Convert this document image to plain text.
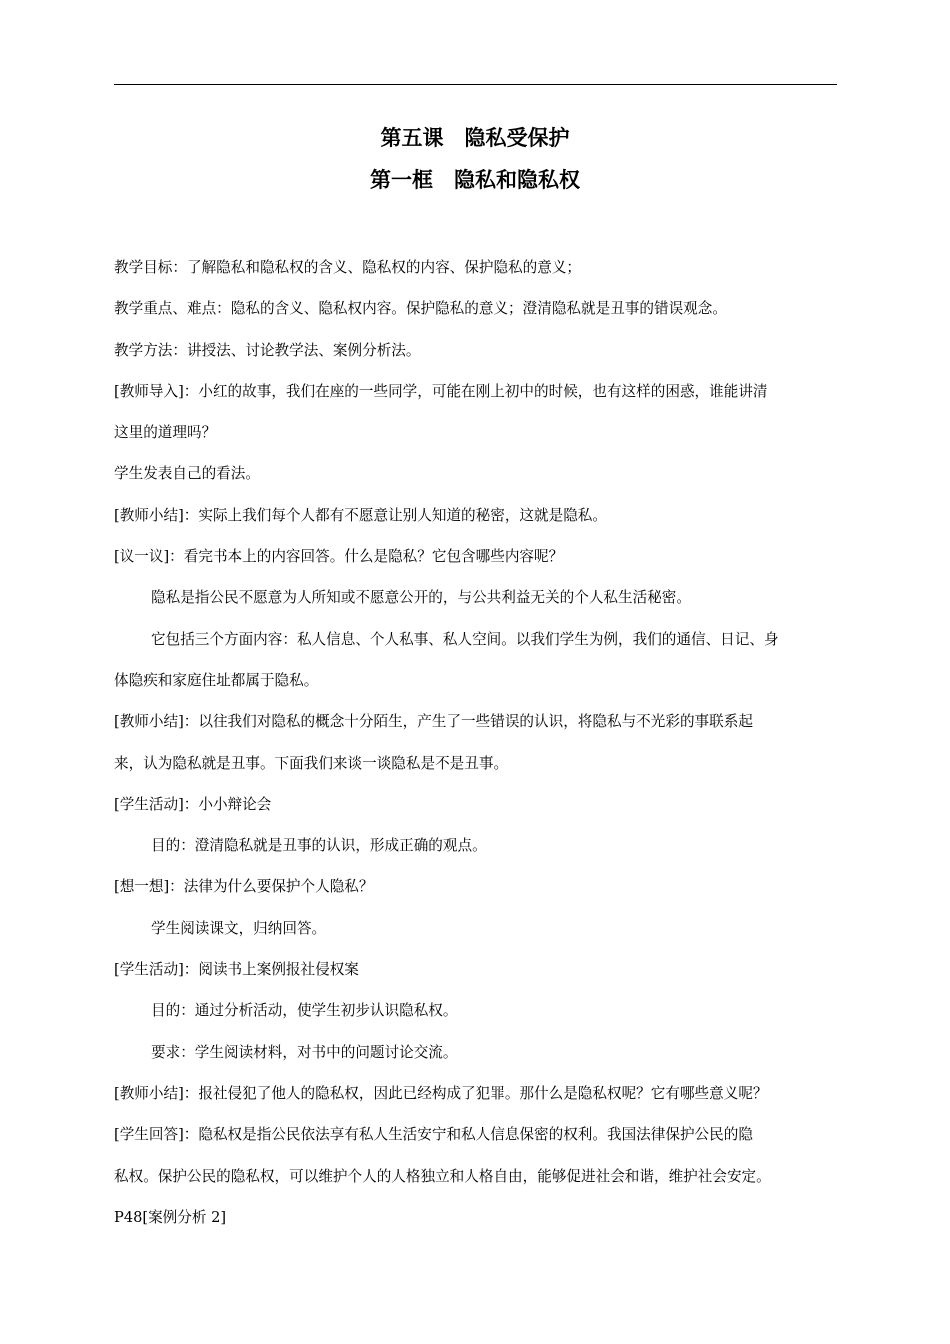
第五课　隐私受保护
第一框　隐私和隐私权

教学目标：了解隐私和隐私权的含义、隐私权的内容、保护隐私的意义；

教学重点、难点：隐私的含义、隐私权内容。保护隐私的意义；澄清隐私就是丑事的错误观念。

教学方法：讲授法、讨论教学法、案例分析法。

[教师导入]：小红的故事，我们在座的一些同学，可能在刚上初中的时候，也有这样的困惑，谁能讲清

这里的道理吗？

学生发表自己的看法。

[教师小结]：实际上我们每个人都有不愿意让别人知道的秘密，这就是隐私。

[议一议]：看完书本上的内容回答。什么是隐私？它包含哪些内容呢？

隐私是指公民不愿意为人所知或不愿意公开的，与公共利益无关的个人私生活秘密。

它包括三个方面内容：私人信息、个人私事、私人空间。以我们学生为例，我们的通信、日记、身

体隐疾和家庭住址都属于隐私。

[教师小结]：以往我们对隐私的概念十分陌生，产生了一些错误的认识，将隐私与不光彩的事联系起

来，认为隐私就是丑事。下面我们来谈一谈隐私是不是丑事。

[学生活动]：小小辩论会

目的：澄清隐私就是丑事的认识，形成正确的观点。

[想一想]：法律为什么要保护个人隐私？

学生阅读课文，归纳回答。

[学生活动]：阅读书上案例报社侵权案

目的：通过分析活动，使学生初步认识隐私权。

要求：学生阅读材料，对书中的问题讨论交流。

[教师小结]：报社侵犯了他人的隐私权，因此已经构成了犯罪。那什么是隐私权呢？它有哪些意义呢？

[学生回答]：隐私权是指公民依法享有私人生活安宁和私人信息保密的权利。我国法律保护公民的隐

私权。保护公民的隐私权，可以维护个人的人格独立和人格自由，能够促进社会和谐，维护社会安定。

P48[案例分析 2]
